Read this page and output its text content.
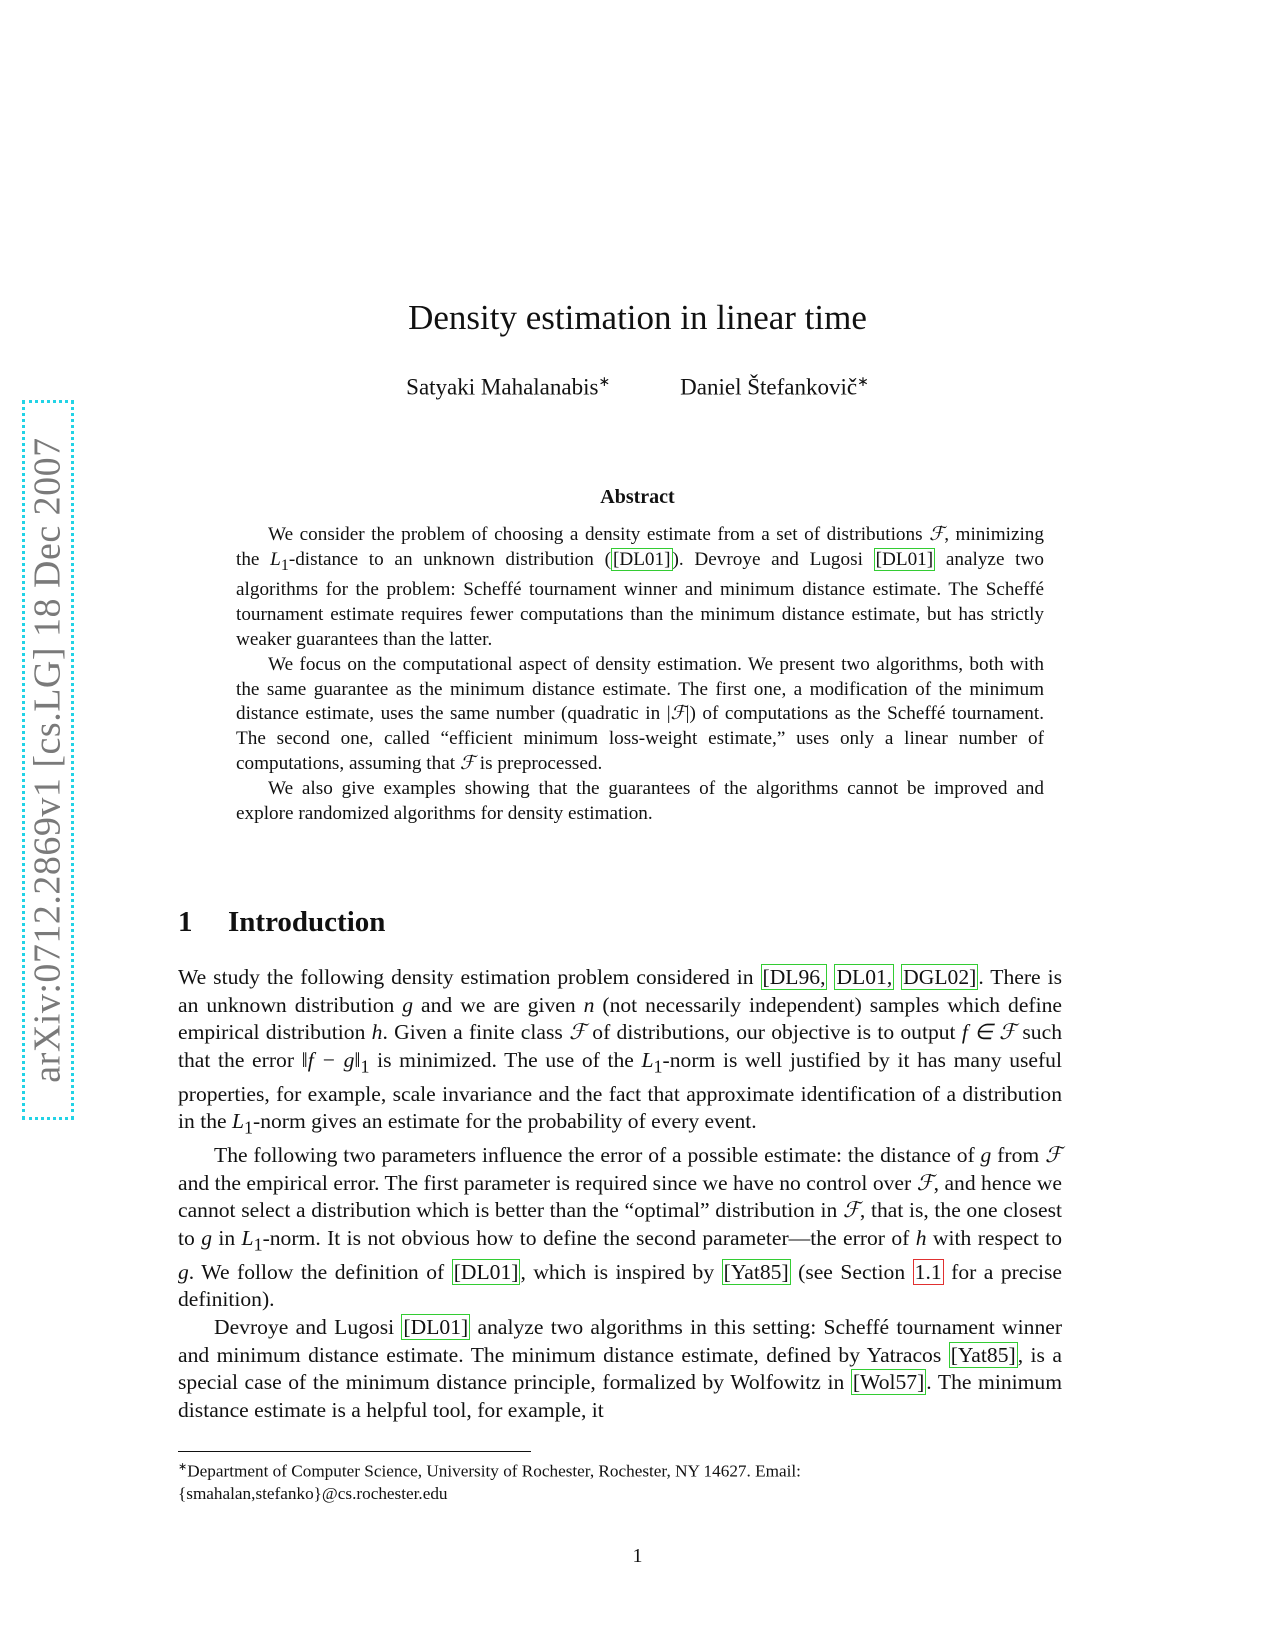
arXiv:0712.2869v1 [cs.LG] 18 Dec 2007
Density estimation in linear time
Satyaki Mahalanabis∗	Daniel Štefankovič∗
Abstract

We consider the problem of choosing a density estimate from a set of distributions ℱ, minimizing the $L_1$-distance to an unknown distribution ( [DL01] ). Devroye and Lugosi [DL01] analyze two algorithms for the problem: Scheffé tournament winner and minimum distance estimate. The Scheffé tournament estimate requires fewer computations than the minimum distance estimate, but has strictly weaker guarantees than the latter.

We focus on the computational aspect of density estimation. We present two algorithms, both with the same guarantee as the minimum distance estimate. The first one, a modification of the minimum distance estimate, uses the same number (quadratic in |ℱ|) of computations as the Scheffé tournament. The second one, called “efficient minimum loss-weight estimate,” uses only a linear number of computations, assuming that ℱ is preprocessed.

We also give examples showing that the guarantees of the algorithms cannot be improved and explore randomized algorithms for density estimation.

1 Introduction

We study the following density estimation problem considered in [DL96, DL01, DGL02]. There is an unknown distribution g and we are given n (not necessarily independent) samples which define empirical distribution h. Given a finite class ℱ of distributions, our objective is to output f ∈ ℱ such that the error ‖f − $g‖_1$ is minimized. The use of the $L_1$-norm is well justified by it has many useful properties, for example, scale invariance and the fact that approximate identification of a distribution in the $L_1$-norm gives an estimate for the probability of every event.

The following two parameters influence the error of a possible estimate: the distance of g from ℱ and the empirical error. The first parameter is required since we have no control over ℱ, and hence we cannot select a distribution which is better than the “optimal” distribution in ℱ, that is, the one closest to g in $L_1$-norm. It is not obvious how to define the second parameter—the error of h with respect to g. We follow the definition of [DL01], which is inspired by [Yat85] (see Section 1.1 for a precise definition).

Devroye and Lugosi [DL01] analyze two algorithms in this setting: Scheffé tournament winner and minimum distance estimate. The minimum distance estimate, defined by Yatracos [Yat85], is a special case of the minimum distance principle, formalized by Wolfowitz in [Wol57]. The minimum distance estimate is a helpful tool, for example, it

∗Department of Computer Science, University of Rochester, Rochester, NY 14627. Email:
{smahalan,stefanko}@cs.rochester.edu

1
